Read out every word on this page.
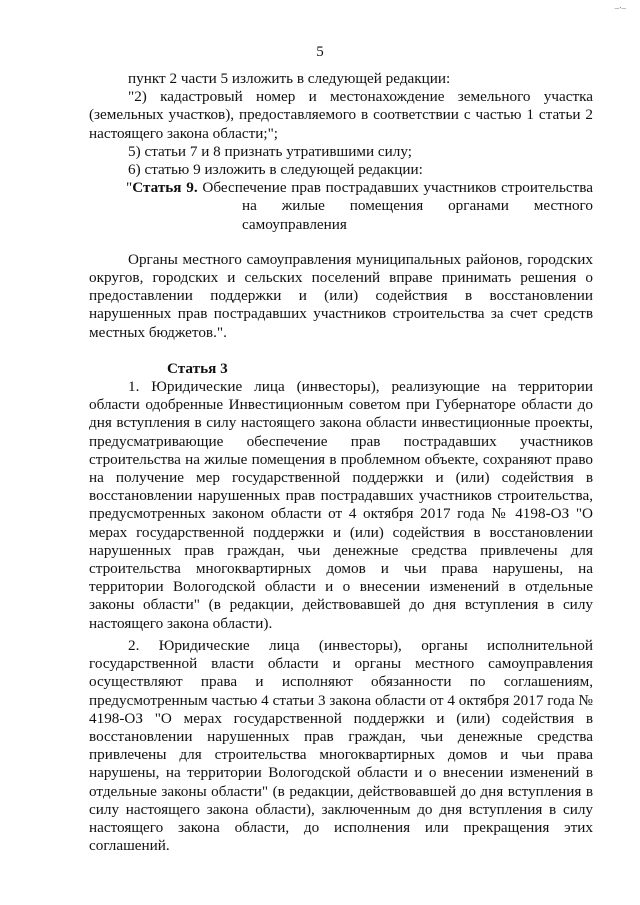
_._
5

пункт 2 части 5 изложить в следующей редакции:

"2) кадастровый номер и местонахождение земельного участка (земельных участков), предоставляемого в соответствии с частью 1 статьи 2 настоящего закона области;";

5) статьи 7 и 8 признать утратившими силу;

6) статью 9 изложить в следующей редакции:

"Статья 9. Обеспечение прав пострадавших участников строительства
на жилые помещения органами местного самоуправления

Органы местного самоуправления муниципальных районов, городских округов, городских и сельских поселений вправе принимать решения о предоставлении поддержки и (или) содействия в восстановлении нарушенных прав пострадавших участников строительства за счет средств местных бюджетов.".

Статья 3

1. Юридические лица (инвесторы), реализующие на территории области одобренные Инвестиционным советом при Губернаторе области до дня вступления в силу настоящего закона области инвестиционные проекты, предусматривающие обеспечение прав пострадавших участников строительства на жилые помещения в проблемном объекте, сохраняют право на получение мер государственной поддержки и (или) содействия в восстановлении нарушенных прав пострадавших участников строительства, предусмотренных законом области от 4 октября 2017 года № 4198-ОЗ "О мерах государственной поддержки и (или) содействия в восстановлении нарушенных прав граждан, чьи денежные средства привлечены для строительства многоквартирных домов и чьи права нарушены, на территории Вологодской области и о внесении изменений в отдельные законы области" (в редакции, действовавшей до дня вступления в силу настоящего закона области).

2. Юридические лица (инвесторы), органы исполнительной государственной власти области и органы местного самоуправления осуществляют права и исполняют обязанности по соглашениям, предусмотренным частью 4 статьи 3 закона области от 4 октября 2017 года № 4198-ОЗ "О мерах государственной поддержки и (или) содействия в восстановлении нарушенных прав граждан, чьи денежные средства привлечены для строительства многоквартирных домов и чьи права нарушены, на территории Вологодской области и о внесении изменений в отдельные законы области" (в редакции, действовавшей до дня вступления в силу настоящего закона области), заключенным до дня вступления в силу настоящего закона области, до исполнения или прекращения этих соглашений.
